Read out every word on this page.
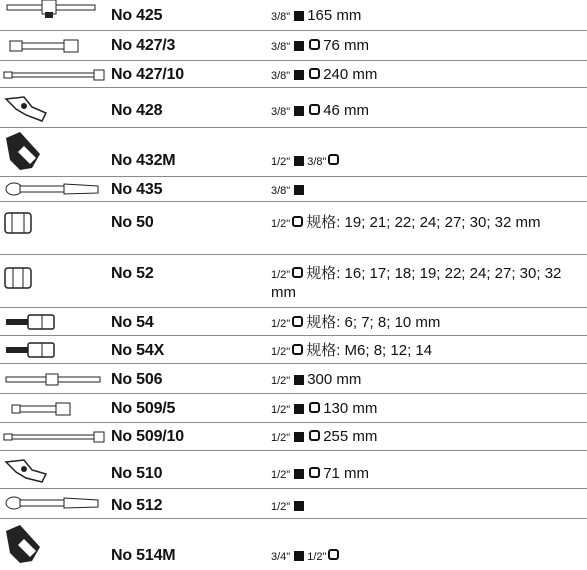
No 425	3/8" 165 mm
No 427/3	3/8" 76 mm
No 427/10	3/8" 240 mm
No 428	3/8" 46 mm
No 432M	1/2" 3/8"
No 435	3/8"
No 50	1/2" 规格: 19; 21; 22; 24; 27; 30; 32 mm
No 52	1/2" 规格: 16; 17; 18; 19; 22; 24; 27; 30; 32 mm
No 54	1/2" 规格: 6; 7; 8; 10 mm
No 54X	1/2" 规格: M6; 8; 12; 14
No 506	1/2" 300 mm
No 509/5	1/2" 130 mm
No 509/10	1/2" 255 mm
No 510	1/2" 71 mm
No 512	1/2"
No 514M	3/4" 1/2"
